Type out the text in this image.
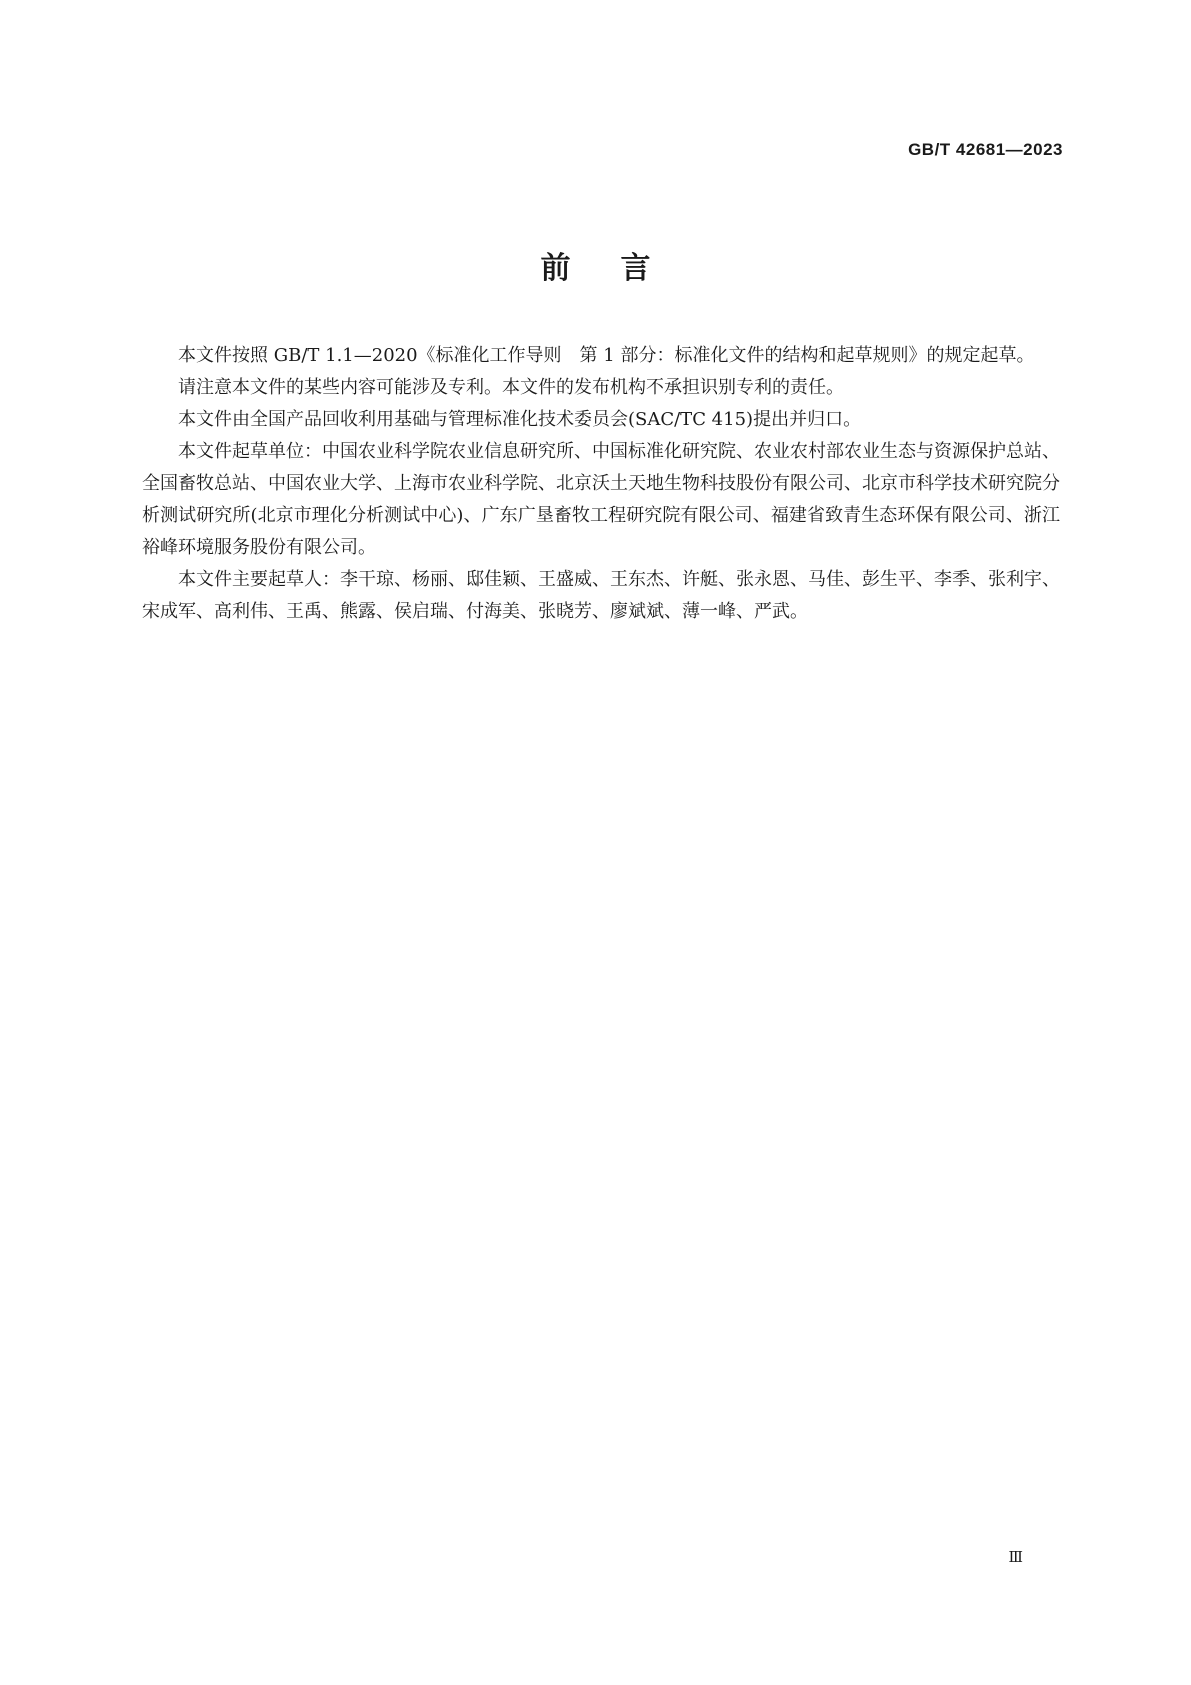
GB/T 42681—2023
前言

本文件按照 GB/T 1.1—2020《标准化工作导则　第 1 部分：标准化文件的结构和起草规则》的规定起草。

请注意本文件的某些内容可能涉及专利。本文件的发布机构不承担识别专利的责任。

本文件由全国产品回收利用基础与管理标准化技术委员会(SAC/TC 415)提出并归口。

本文件起草单位：中国农业科学院农业信息研究所、中国标准化研究院、农业农村部农业生态与资源保护总站、全国畜牧总站、中国农业大学、上海市农业科学院、北京沃土天地生物科技股份有限公司、北京市科学技术研究院分析测试研究所(北京市理化分析测试中心)、广东广垦畜牧工程研究院有限公司、福建省致青生态环保有限公司、浙江裕峰环境服务股份有限公司。

本文件主要起草人：李干琼、杨丽、邸佳颖、王盛威、王东杰、许艇、张永恩、马佳、彭生平、李季、张利宇、宋成军、高利伟、王禹、熊露、侯启瑞、付海美、张晓芳、廖斌斌、薄一峰、严武。

Ⅲ
